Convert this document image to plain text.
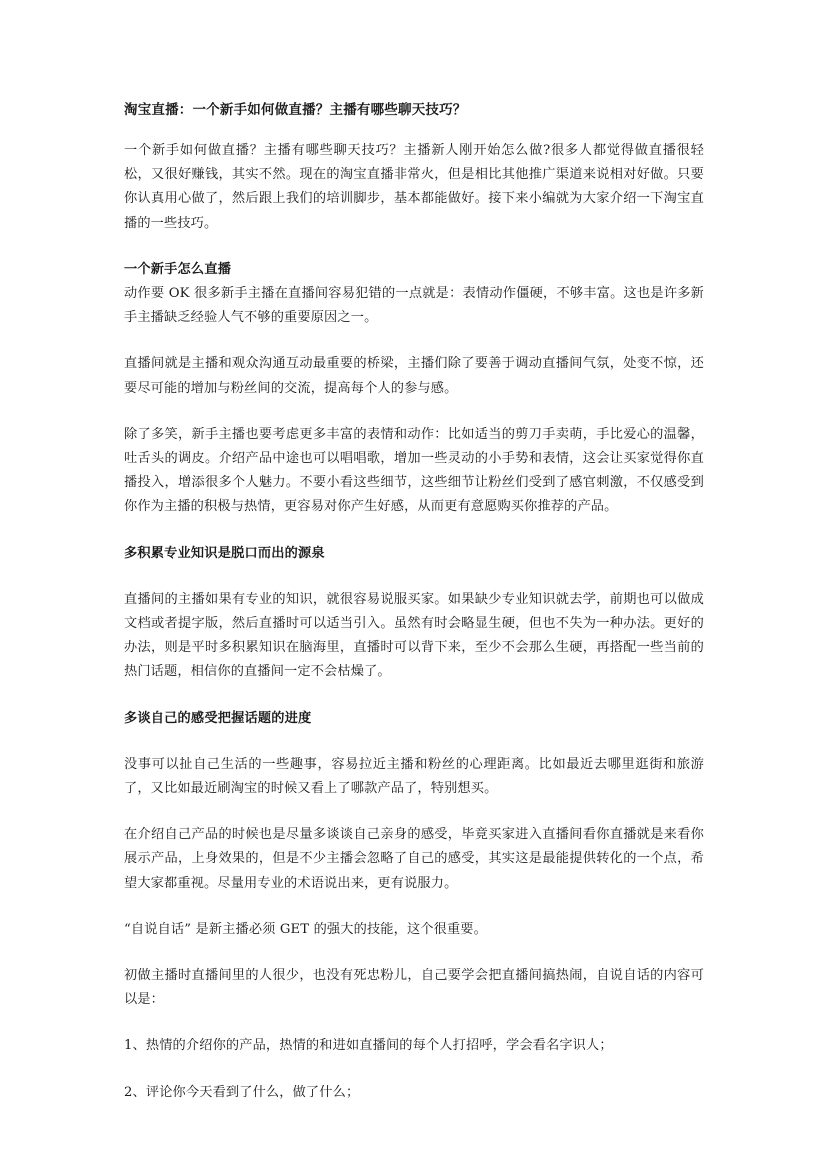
淘宝直播：一个新手如何做直播？主播有哪些聊天技巧？

一个新手如何做直播？主播有哪些聊天技巧？主播新人刚开始怎么做?很多人都觉得做直播很轻松，又很好赚钱，其实不然。现在的淘宝直播非常火，但是相比其他推广渠道来说相对好做。只要你认真用心做了，然后跟上我们的培训脚步，基本都能做好。接下来小编就为大家介绍一下淘宝直播的一些技巧。

一个新手怎么直播

动作要 OK 很多新手主播在直播间容易犯错的一点就是：表情动作僵硬，不够丰富。这也是许多新手主播缺乏经验人气不够的重要原因之一。

直播间就是主播和观众沟通互动最重要的桥梁，主播们除了要善于调动直播间气氛，处变不惊，还要尽可能的增加与粉丝间的交流，提高每个人的参与感。

除了多笑，新手主播也要考虑更多丰富的表情和动作：比如适当的剪刀手卖萌，手比爱心的温馨，吐舌头的调皮。介绍产品中途也可以唱唱歌，增加一些灵动的小手势和表情，这会让买家觉得你直播投入，增添很多个人魅力。不要小看这些细节，这些细节让粉丝们受到了感官刺激，不仅感受到你作为主播的积极与热情，更容易对你产生好感，从而更有意愿购买你推荐的产品。

多积累专业知识是脱口而出的源泉

直播间的主播如果有专业的知识，就很容易说服买家。如果缺少专业知识就去学，前期也可以做成文档或者提字版，然后直播时可以适当引入。虽然有时会略显生硬，但也不失为一种办法。更好的办法，则是平时多积累知识在脑海里，直播时可以背下来，至少不会那么生硬，再搭配一些当前的热门话题，相信你的直播间一定不会枯燥了。

多谈自己的感受把握话题的进度

没事可以扯自己生活的一些趣事，容易拉近主播和粉丝的心理距离。比如最近去哪里逛街和旅游了，又比如最近刷淘宝的时候又看上了哪款产品了，特别想买。

在介绍自己产品的时候也是尽量多谈谈自己亲身的感受，毕竟买家进入直播间看你直播就是来看你展示产品，上身效果的，但是不少主播会忽略了自己的感受，其实这是最能提供转化的一个点，希望大家都重视。尽量用专业的术语说出来，更有说服力。

“自说自话” 是新主播必须 GET 的强大的技能，这个很重要。

初做主播时直播间里的人很少，也没有死忠粉儿，自己要学会把直播间搞热闹，自说自话的内容可以是：

1、热情的介绍你的产品，热情的和进如直播间的每个人打招呼，学会看名字识人；

2、评论你今天看到了什么，做了什么；
